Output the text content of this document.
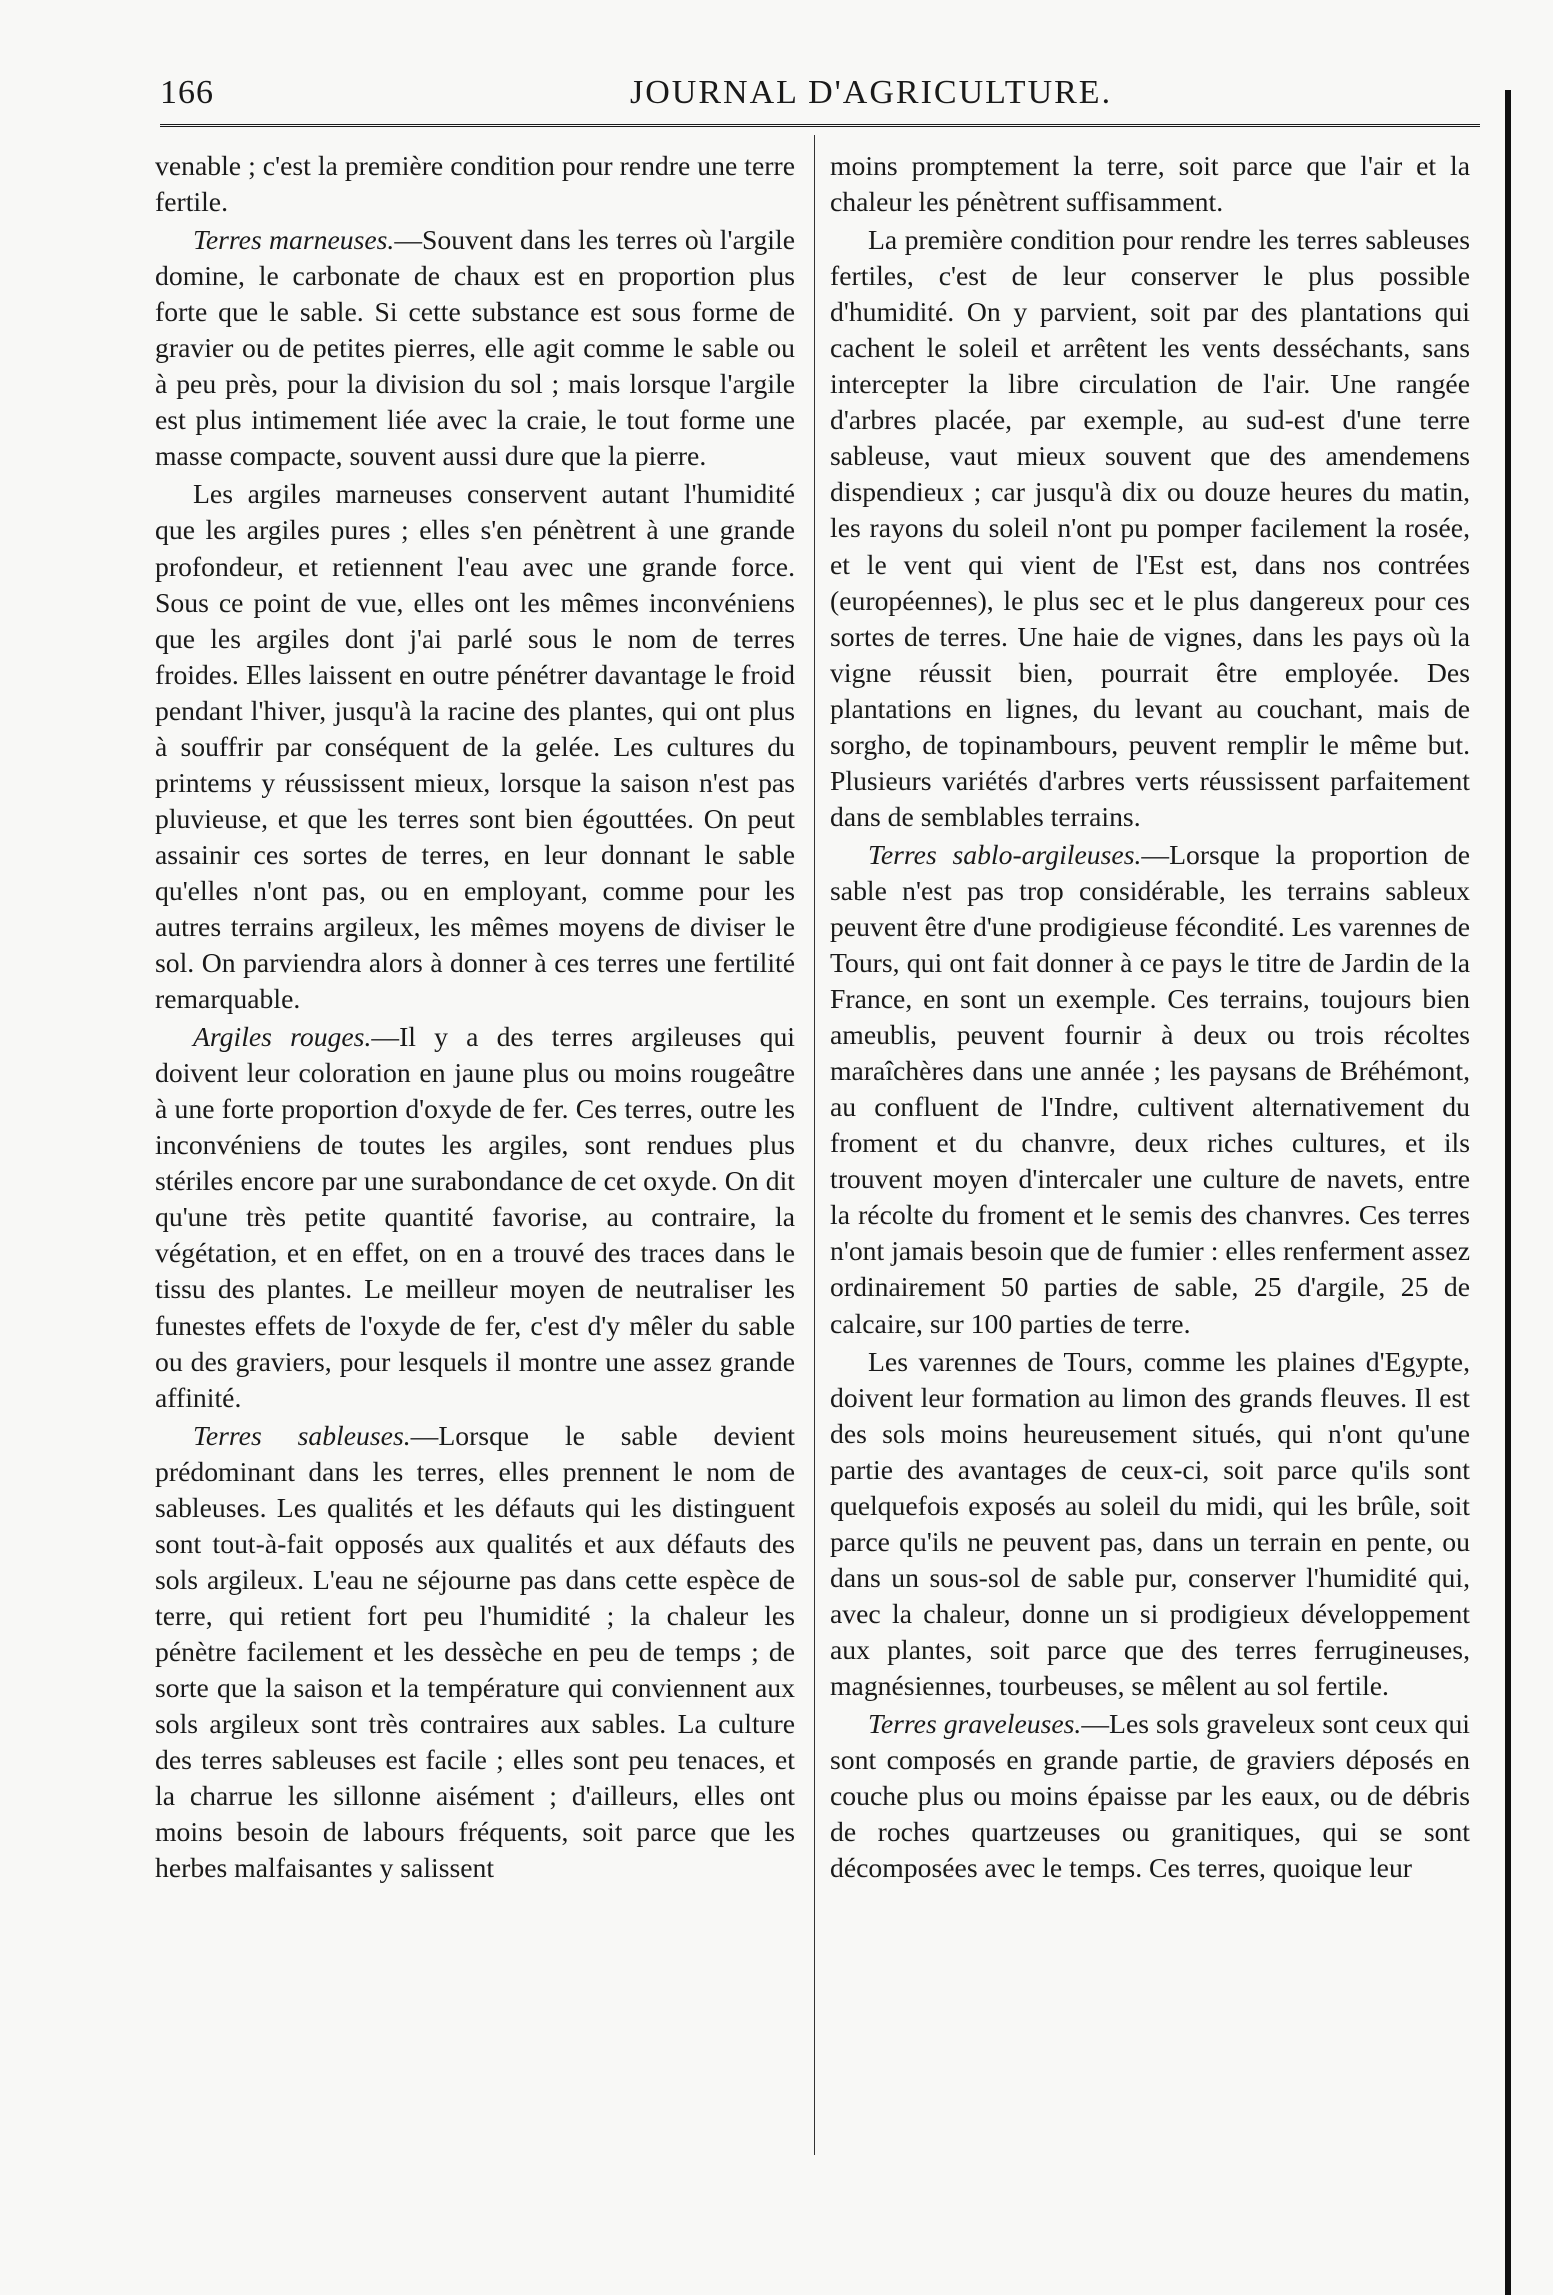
166	JOURNAL D'AGRICULTURE.

venable ; c'est la première condition pour rendre une terre fertile.

Terres marneuses.—Souvent dans les terres où l'argile domine, le carbonate de chaux est en proportion plus forte que le sable. Si cette substance est sous forme de gravier ou de petites pierres, elle agit comme le sable ou à peu près, pour la division du sol ; mais lorsque l'argile est plus intimement liée avec la craie, le tout forme une masse compacte, souvent aussi dure que la pierre.

Les argiles marneuses conservent autant l'humidité que les argiles pures ; elles s'en pénètrent à une grande profondeur, et retiennent l'eau avec une grande force. Sous ce point de vue, elles ont les mêmes inconvéniens que les argiles dont j'ai parlé sous le nom de terres froides. Elles laissent en outre pénétrer davantage le froid pendant l'hiver, jusqu'à la racine des plantes, qui ont plus à souffrir par conséquent de la gelée. Les cultures du printems y réussissent mieux, lorsque la saison n'est pas pluvieuse, et que les terres sont bien égouttées. On peut assainir ces sortes de terres, en leur donnant le sable qu'elles n'ont pas, ou en employant, comme pour les autres terrains argileux, les mêmes moyens de diviser le sol. On parviendra alors à donner à ces terres une fertilité remarquable.

Argiles rouges.—Il y a des terres argileuses qui doivent leur coloration en jaune plus ou moins rougeâtre à une forte proportion d'oxyde de fer. Ces terres, outre les inconvéniens de toutes les argiles, sont rendues plus stériles encore par une surabondance de cet oxyde. On dit qu'une très petite quantité favorise, au contraire, la végétation, et en effet, on en a trouvé des traces dans le tissu des plantes. Le meilleur moyen de neutraliser les funestes effets de l'oxyde de fer, c'est d'y mêler du sable ou des graviers, pour lesquels il montre une assez grande affinité.

Terres sableuses.—Lorsque le sable devient prédominant dans les terres, elles prennent le nom de sableuses. Les qualités et les défauts qui les distinguent sont tout-à-fait opposés aux qualités et aux défauts des sols argileux. L'eau ne séjourne pas dans cette espèce de terre, qui retient fort peu l'humidité ; la chaleur les pénètre facilement et les dessèche en peu de temps ; de sorte que la saison et la température qui conviennent aux sols argileux sont très contraires aux sables. La culture des terres sableuses est facile ; elles sont peu tenaces, et la charrue les sillonne aisément ; d'ailleurs, elles ont moins besoin de labours fréquents, soit parce que les herbes malfaisantes y salissent

moins promptement la terre, soit parce que l'air et la chaleur les pénètrent suffisamment.

La première condition pour rendre les terres sableuses fertiles, c'est de leur conserver le plus possible d'humidité. On y parvient, soit par des plantations qui cachent le soleil et arrêtent les vents desséchants, sans intercepter la libre circulation de l'air. Une rangée d'arbres placée, par exemple, au sud-est d'une terre sableuse, vaut mieux souvent que des amendemens dispendieux ; car jusqu'à dix ou douze heures du matin, les rayons du soleil n'ont pu pomper facilement la rosée, et le vent qui vient de l'Est est, dans nos contrées (européennes), le plus sec et le plus dangereux pour ces sortes de terres. Une haie de vignes, dans les pays où la vigne réussit bien, pourrait être employée. Des plantations en lignes, du levant au couchant, mais de sorgho, de topinambours, peuvent remplir le même but. Plusieurs variétés d'arbres verts réussissent parfaitement dans de semblables terrains.

Terres sablo-argileuses.—Lorsque la proportion de sable n'est pas trop considérable, les terrains sableux peuvent être d'une prodigieuse fécondité. Les varennes de Tours, qui ont fait donner à ce pays le titre de Jardin de la France, en sont un exemple. Ces terrains, toujours bien ameublis, peuvent fournir à deux ou trois récoltes maraîchères dans une année ; les paysans de Bréhémont, au confluent de l'Indre, cultivent alternativement du froment et du chanvre, deux riches cultures, et ils trouvent moyen d'intercaler une culture de navets, entre la récolte du froment et le semis des chanvres. Ces terres n'ont jamais besoin que de fumier : elles renferment assez ordinairement 50 parties de sable, 25 d'argile, 25 de calcaire, sur 100 parties de terre.

Les varennes de Tours, comme les plaines d'Egypte, doivent leur formation au limon des grands fleuves. Il est des sols moins heureusement situés, qui n'ont qu'une partie des avantages de ceux-ci, soit parce qu'ils sont quelquefois exposés au soleil du midi, qui les brûle, soit parce qu'ils ne peuvent pas, dans un terrain en pente, ou dans un sous-sol de sable pur, conserver l'humidité qui, avec la chaleur, donne un si prodigieux développement aux plantes, soit parce que des terres ferrugineuses, magnésiennes, tourbeuses, se mêlent au sol fertile.

Terres graveleuses.—Les sols graveleux sont ceux qui sont composés en grande partie, de graviers déposés en couche plus ou moins épaisse par les eaux, ou de débris de roches quartzeuses ou granitiques, qui se sont décomposées avec le temps. Ces terres, quoique leur
